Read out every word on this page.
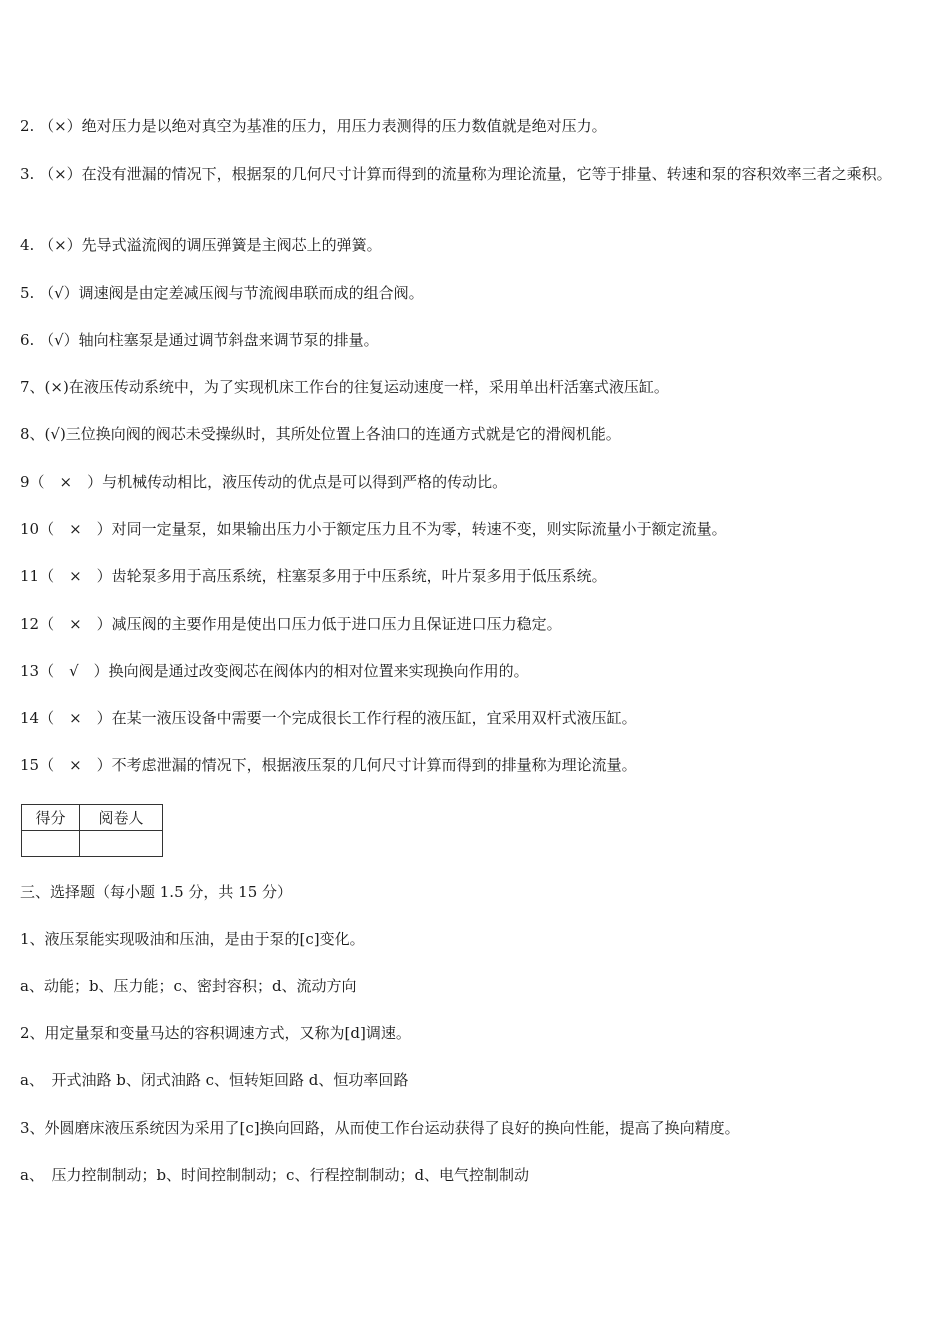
2. （×）绝对压力是以绝对真空为基准的压力，用压力表测得的压力数值就是绝对压力。
3. （×）在没有泄漏的情况下，根据泵的几何尺寸计算而得到的流量称为理论流量，它等于排量、转速和泵的容积效率三者之乘积。
4. （×）先导式溢流阀的调压弹簧是主阀芯上的弹簧。
5. （√）调速阀是由定差减压阀与节流阀串联而成的组合阀。
6. （√）轴向柱塞泵是通过调节斜盘来调节泵的排量。
7、(×)在液压传动系统中，为了实现机床工作台的往复运动速度一样，采用单出杆活塞式液压缸。
8、(√)三位换向阀的阀芯未受操纵时，其所处位置上各油口的连通方式就是它的滑阀机能。
9（　×　）与机械传动相比，液压传动的优点是可以得到严格的传动比。
10（　×　）对同一定量泵，如果输出压力小于额定压力且不为零，转速不变，则实际流量小于额定流量。
11（　×　）齿轮泵多用于高压系统，柱塞泵多用于中压系统，叶片泵多用于低压系统。
12（　×　）减压阀的主要作用是使出口压力低于进口压力且保证进口压力稳定。
13（　√　）换向阀是通过改变阀芯在阀体内的相对位置来实现换向作用的。
14（　×　）在某一液压设备中需要一个完成很长工作行程的液压缸，宜采用双杆式液压缸。
15（　×　）不考虑泄漏的情况下，根据液压泵的几何尺寸计算而得到的排量称为理论流量。
得分	阅卷人

三、选择题（每小题 1.5 分，共 15 分）
1、液压泵能实现吸油和压油，是由于泵的[c]变化。
a、动能；b、压力能；c、密封容积；d、流动方向
2、用定量泵和变量马达的容积调速方式，又称为[d]调速。
a、　开式油路 b、闭式油路 c、恒转矩回路 d、恒功率回路
3、外圆磨床液压系统因为采用了[c]换向回路，从而使工作台运动获得了良好的换向性能，提高了换向精度。
a、　压力控制制动；b、时间控制制动；c、行程控制制动；d、电气控制制动
